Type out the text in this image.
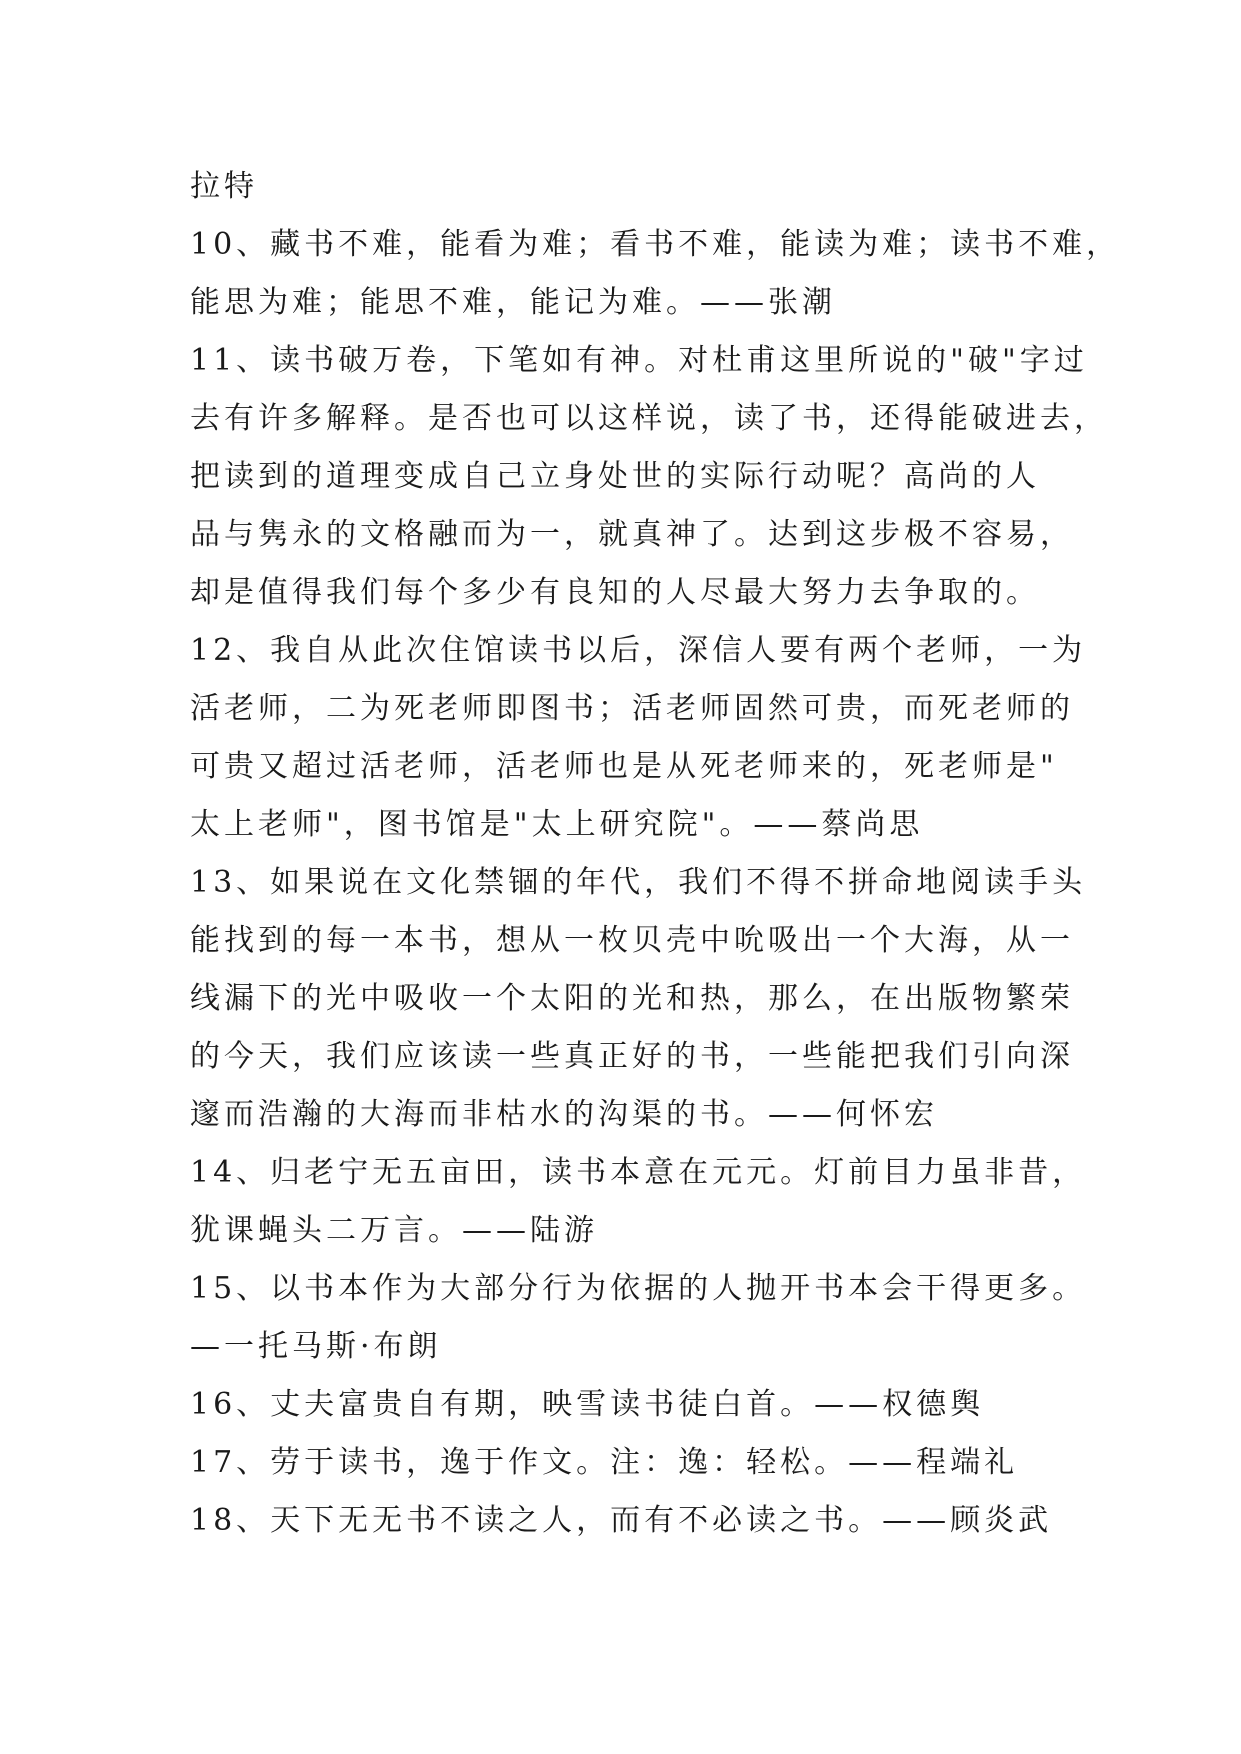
拉特
10、藏书不难，能看为难；看书不难，能读为难；读书不难，
能思为难；能思不难，能记为难。——张潮
11、读书破万卷，下笔如有神。对杜甫这里所说的"破"字过
去有许多解释。是否也可以这样说，读了书，还得能破进去，
把读到的道理变成自己立身处世的实际行动呢？高尚的人
品与隽永的文格融而为一，就真神了。达到这步极不容易，
却是值得我们每个多少有良知的人尽最大努力去争取的。
12、我自从此次住馆读书以后，深信人要有两个老师，一为
活老师，二为死老师即图书；活老师固然可贵，而死老师的
可贵又超过活老师，活老师也是从死老师来的，死老师是"
太上老师"，图书馆是"太上研究院"。——蔡尚思
13、如果说在文化禁锢的年代，我们不得不拼命地阅读手头
能找到的每一本书，想从一枚贝壳中吮吸出一个大海，从一
线漏下的光中吸收一个太阳的光和热，那么，在出版物繁荣
的今天，我们应该读一些真正好的书，一些能把我们引向深
邃而浩瀚的大海而非枯水的沟渠的书。——何怀宏
14、归老宁无五亩田，读书本意在元元。灯前目力虽非昔，
犹课蝇头二万言。——陆游
15、以书本作为大部分行为依据的人抛开书本会干得更多。
—一托马斯·布朗
16、丈夫富贵自有期，映雪读书徒白首。——权德舆
17、劳于读书，逸于作文。注：逸：轻松。——程端礼
18、天下无无书不读之人，而有不必读之书。——顾炎武
